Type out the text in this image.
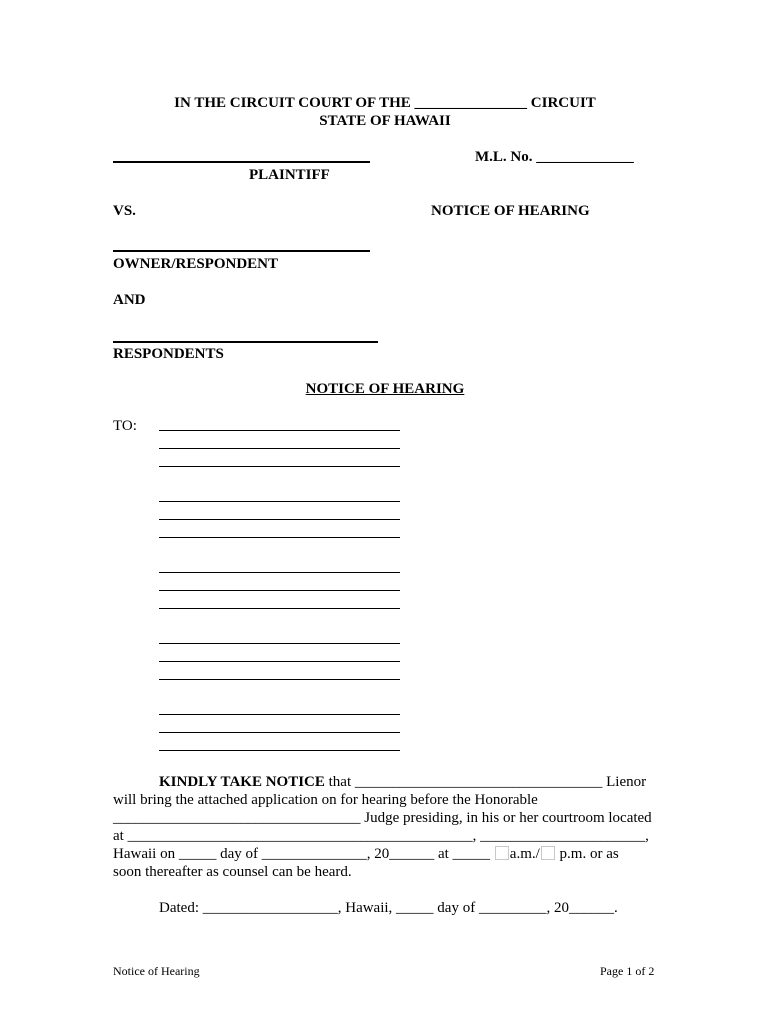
IN THE CIRCUIT COURT OF THE _______________ CIRCUIT
STATE OF HAWAII
M.L. No. _____________
PLAINTIFF
VS.	NOTICE OF HEARING
OWNER/RESPONDENT
AND
RESPONDENTS
NOTICE OF HEARING
TO:
KINDLY TAKE NOTICE that _________________________________ Lienor
will bring the attached application on for hearing before the Honorable
_________________________________ Judge presiding, in his or her courtroom located
at ______________________________________________, ______________________,
Hawaii on _____ day of ______________, 20______ at _____ a.m./ p.m. or as
soon thereafter as counsel can be heard.
Dated: __________________, Hawaii, _____ day of _________, 20______.
Notice of Hearing	Page 1 of 2
